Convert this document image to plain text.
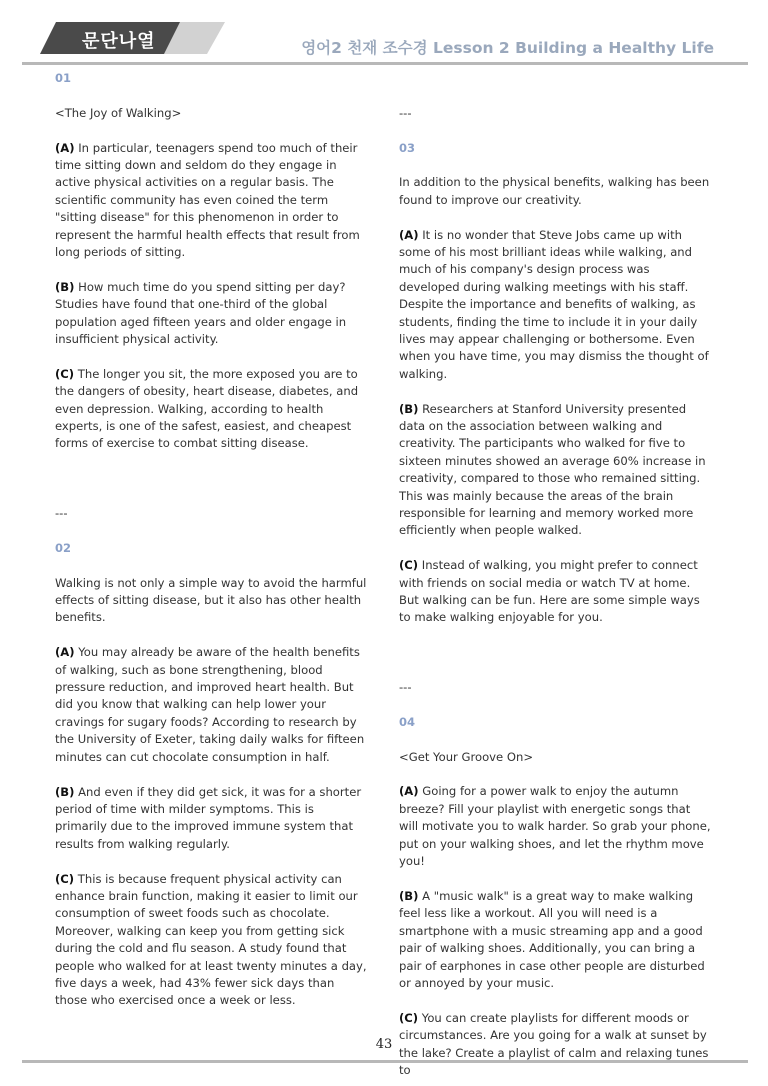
문단나열	영어2 천재 조수경 Lesson 2 Building a Healthy Life

01

<The Joy of Walking>

(A) In particular, teenagers spend too much of their time sitting down and seldom do they engage in active physical activities on a regular basis. The scientific community has even coined the term "sitting disease" for this phenomenon in order to represent the harmful health effects that result from long periods of sitting.

(B) How much time do you spend sitting per day? Studies have found that one-third of the global population aged fifteen years and older engage in insufficient physical activity.

(C) The longer you sit, the more exposed you are to the dangers of obesity, heart disease, diabetes, and even depression. Walking, according to health experts, is one of the safest, easiest, and cheapest forms of exercise to combat sitting disease.

---

02

Walking is not only a simple way to avoid the harmful effects of sitting disease, but it also has other health benefits.

(A) You may already be aware of the health benefits of walking, such as bone strengthening, blood pressure reduction, and improved heart health. But did you know that walking can help lower your cravings for sugary foods? According to research by the University of Exeter, taking daily walks for fifteen minutes can cut chocolate consumption in half.

(B) And even if they did get sick, it was for a shorter period of time with milder symptoms. This is primarily due to the improved immune system that results from walking regularly.

(C) This is because frequent physical activity can enhance brain function, making it easier to limit our consumption of sweet foods such as chocolate. Moreover, walking can keep you from getting sick during the cold and flu season. A study found that people who walked for at least twenty minutes a day, five days a week, had 43% fewer sick days than those who exercised once a week or less.

---

03

In addition to the physical benefits, walking has been found to improve our creativity.

(A) It is no wonder that Steve Jobs came up with some of his most brilliant ideas while walking, and much of his company's design process was developed during walking meetings with his staff. Despite the importance and benefits of walking, as students, finding the time to include it in your daily lives may appear challenging or bothersome. Even when you have time, you may dismiss the thought of walking.

(B) Researchers at Stanford University presented data on the association between walking and creativity. The participants who walked for five to sixteen minutes showed an average 60% increase in creativity, compared to those who remained sitting. This was mainly because the areas of the brain responsible for learning and memory worked more efficiently when people walked.

(C) Instead of walking, you might prefer to connect with friends on social media or watch TV at home. But walking can be fun. Here are some simple ways to make walking enjoyable for you.

---

04

<Get Your Groove On>

(A) Going for a power walk to enjoy the autumn breeze? Fill your playlist with energetic songs that will motivate you to walk harder. So grab your phone, put on your walking shoes, and let the rhythm move you!

(B) A "music walk" is a great way to make walking feel less like a workout. All you will need is a smartphone with a music streaming app and a good pair of walking shoes. Additionally, you can bring a pair of earphones in case other people are disturbed or annoyed by your music.

(C) You can create playlists for different moods or circumstances. Are you going for a walk at sunset by the lake? Create a playlist of calm and relaxing tunes to

43
